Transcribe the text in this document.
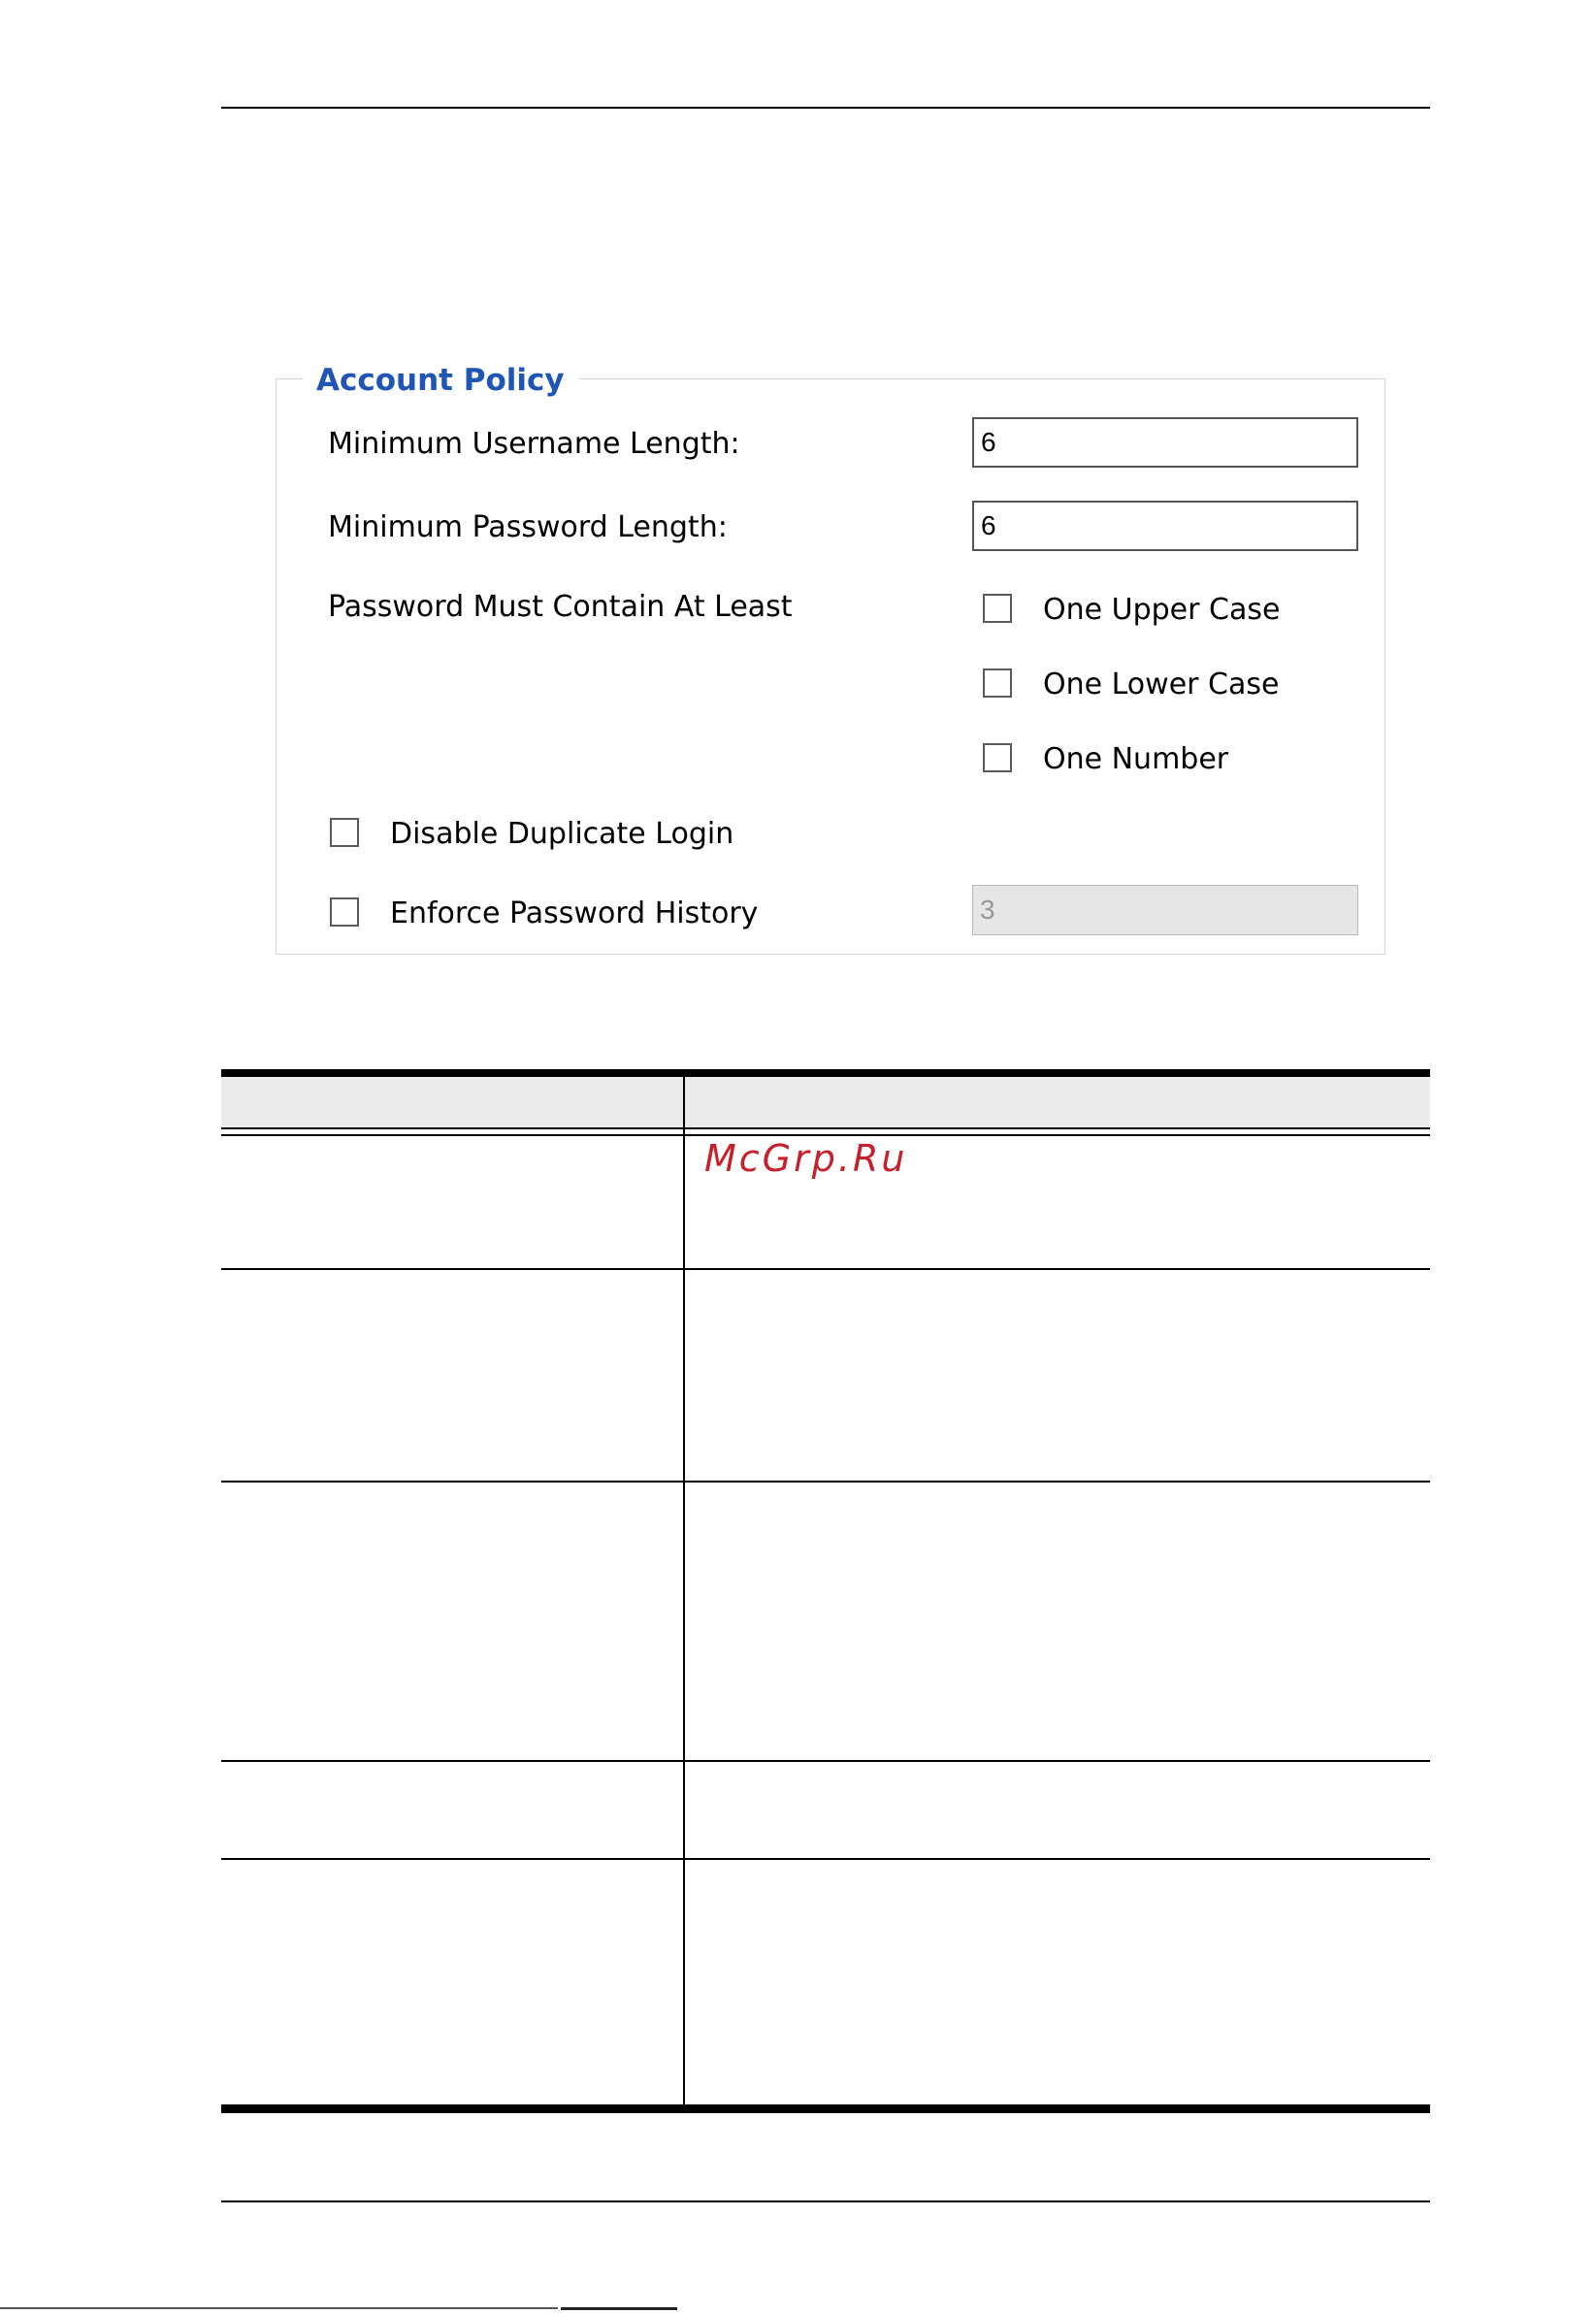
Account Policy
Minimum Username Length:
6
Minimum Password Length:
6
Password Must Contain At Least	One Upper Case
One Lower Case
One Number
Disable Duplicate Login
Enforce Password History
3
McGrp.Ru
